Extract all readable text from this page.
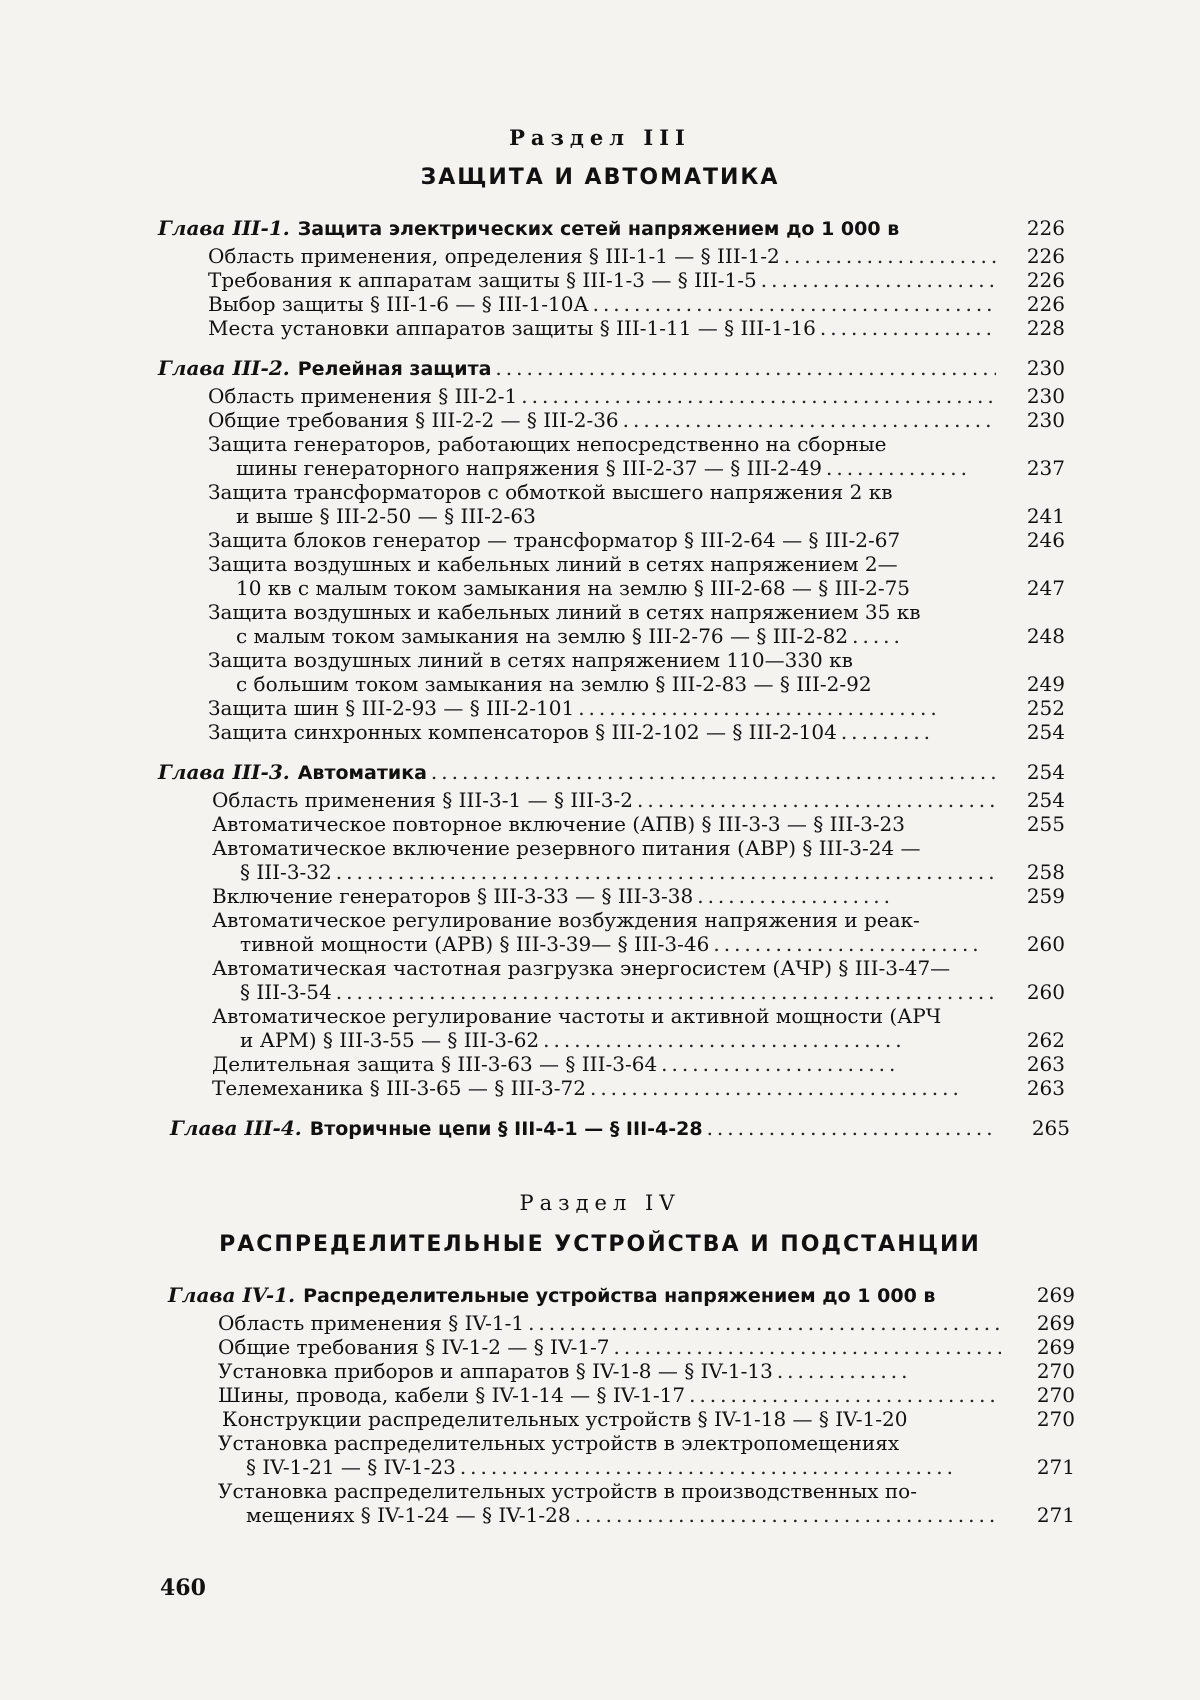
Раздел III
ЗАЩИТА И АВТОМАТИКА
Глава III-1. Защита электрических сетей напряжением до 1 000 в	226
Область применения, определения § III-1-1 — § III-1-2 ....................	226
Требования к аппаратам защиты § III-1-3 — § III-1-5 ......................	226
Выбор защиты § III-1-6 — § III-1-10А ........................................ 226
Места установки аппаратов защиты § III-1-11 — § III-1-16 .................	228
Глава III-2. Релейная защита ................................................	230
Область применения § III-2-1 .............................................	230
Общие требования § III-2-2 — § III-2-36 ....................................	230
Защита генераторов, работающих непосредственно на сборные
шины генераторного напряжения § III-2-37 — § III-2-49 ..............	237
Защита трансформаторов с обмоткой высшего напряжения 2 кв
и выше § III-2-50 — § III-2-63	241
Защита блоков генератор — трансформатор § III-2-64 — § III-2-67	246
Защита воздушных и кабельных линий в сетях напряжением 2—
10 кв с малым током замыкания на землю § III-2-68 — § III-2-75	247
Защита воздушных и кабельных линий в сетях напряжением 35 кв
с малым током замыкания на землю § III-2-76 — § III-2-82 .....	248
Защита воздушных линий в сетях напряжением 110—330 кв
с большим током замыкания на землю § III-2-83 — § III-2-92	249
Защита шин § III-2-93 — § III-2-101 ...................................	252
Защита синхронных компенсаторов § III-2-102 — § III-2-104 .........	254
Глава III-3. Автоматика ......................................................	254
Область применения § III-3-1 — § III-3-2 ......................................
254
Автоматическое повторное включение (АПВ) § III-3-3 — § III-3-23	255
Автоматическое включение резервного питания (АВР) § III-3-24 —
§ III-3-32 ................................................................	258
Включение генераторов § III-3-33 — § III-3-38 ...................	259
Автоматическое регулирование возбуждения напряжения и реак-
тивной мощности (АРВ) § III-3-39— § III-3-46 ..........................	260
Автоматическая частотная разгрузка энергосистем (АЧР) § III-3-47—
§ III-3-54 ................................................................	260
Автоматическое регулирование частоты и активной мощности (АРЧ
и АРМ) § III-3-55 — § III-3-62 ...................................	262
Делительная защита § III-3-63 — § III-3-64 .......................	263
Телемеханика § III-3-65 — § III-3-72 ....................................	263
Глава III-4. Вторичные цепи § III-4-1 — § III-4-28 .............................. 265
Раздел IV
РАСПРЕДЕЛИТЕЛЬНЫЕ УСТРОЙСТВА И ПОДСТАНЦИИ
Глава IV-1. Распределительные устройства напряжением до 1 000 в	269
Область применения § IV-1-1 ..............................................	269
Общие требования § IV-1-2 — § IV-1-7 .....................................	269
Установка приборов и аппаратов § IV-1-8 — § IV-1-13 .............	270
Шины, провода, кабели § IV-1-14 — § IV-1-17 ..............................	270
Конструкции распределительных устройств § IV-1-18 — § IV-1-20	270
Установка распределительных устройств в электропомещениях
§ IV-1-21 — § IV-1-23 ................................................	271
Установка распределительных устройств в производственных по-
мещениях § IV-1-24 — § IV-1-28 ..........................................	271
460
